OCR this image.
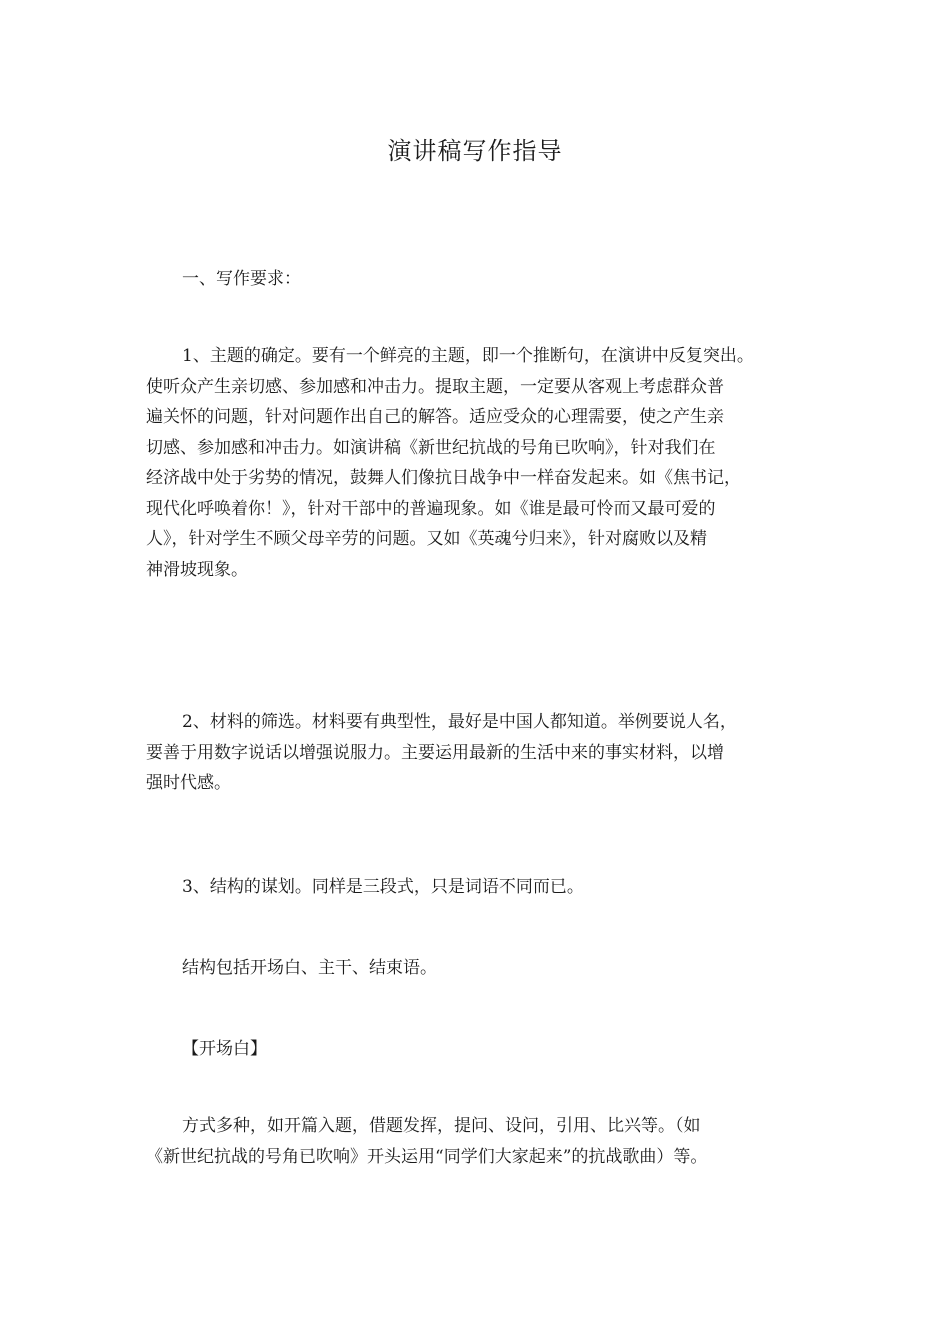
演讲稿写作指导
一、写作要求：
1、主题的确定。要有一个鲜亮的主题，即一个推断句，在演讲中反复突出。
使听众产生亲切感、参加感和冲击力。提取主题，一定要从客观上考虑群众普
遍关怀的问题，针对问题作出自己的解答。适应受众的心理需要，使之产生亲
切感、参加感和冲击力。如演讲稿《新世纪抗战的号角已吹响》，针对我们在
经济战中处于劣势的情况，鼓舞人们像抗日战争中一样奋发起来。如《焦书记，
现代化呼唤着你！》，针对干部中的普遍现象。如《谁是最可怜而又最可爱的
人》，针对学生不顾父母辛劳的问题。又如《英魂兮归来》，针对腐败以及精
神滑坡现象。
2、材料的筛选。材料要有典型性，最好是中国人都知道。举例要说人名，
要善于用数字说话以增强说服力。主要运用最新的生活中来的事实材料，以增
强时代感。
3、结构的谋划。同样是三段式，只是词语不同而已。
结构包括开场白、主干、结束语。
【开场白】
方式多种，如开篇入题，借题发挥，提问、设问，引用、比兴等。（如
《新世纪抗战的号角已吹响》开头运用“同学们大家起来”的抗战歌曲）等。
